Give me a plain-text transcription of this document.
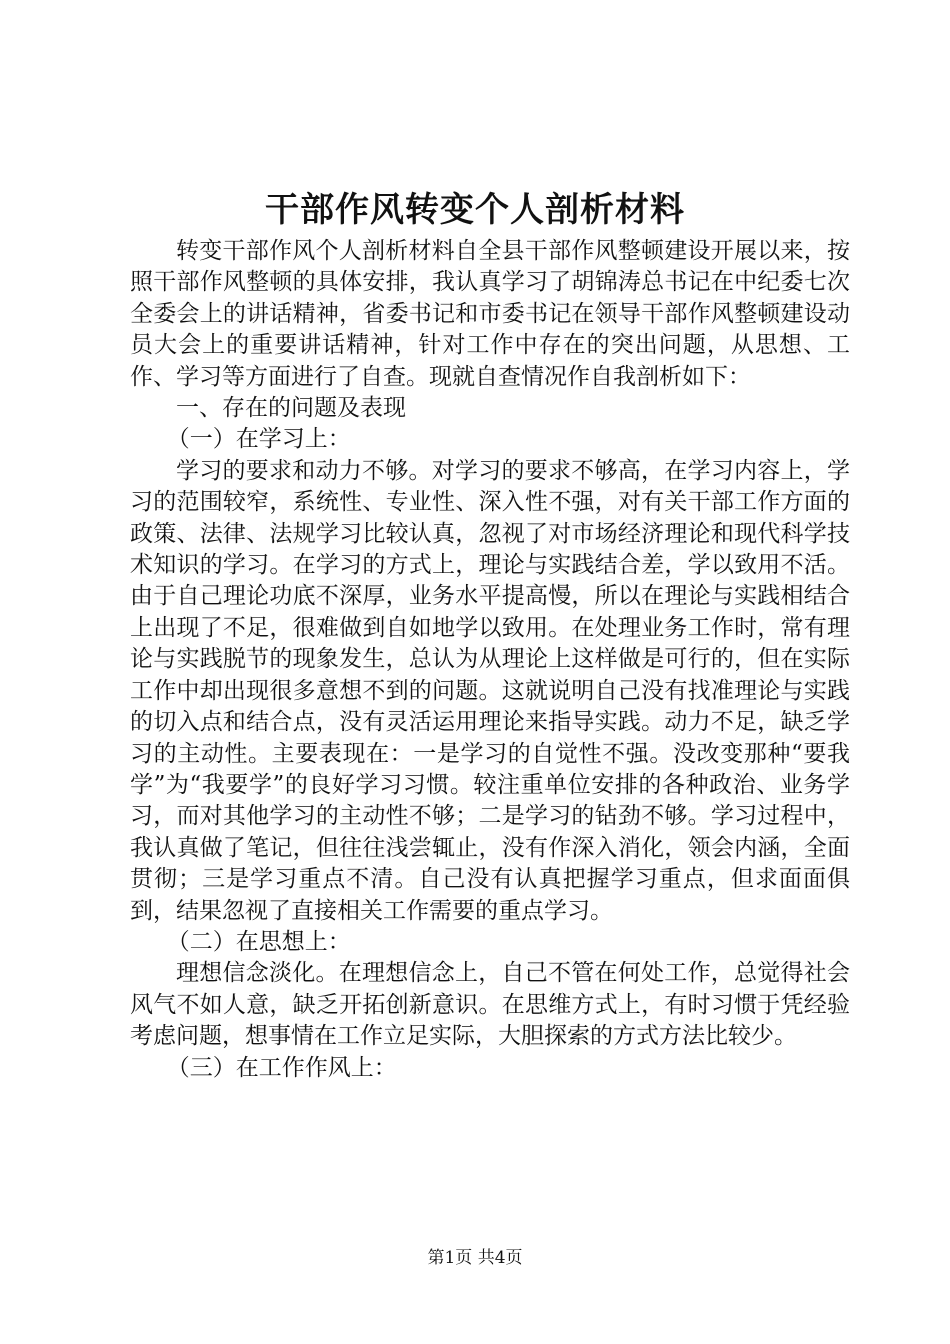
干部作风转变个人剖析材料

转变干部作风个人剖析材料自全县干部作风整顿建设开展以来，按照干部作风整顿的具体安排，我认真学习了胡锦涛总书记在中纪委七次全委会上的讲话精神，省委书记和市委书记在领导干部作风整顿建设动员大会上的重要讲话精神，针对工作中存在的突出问题，从思想、工作、学习等方面进行了自查。现就自查情况作自我剖析如下：

一、存在的问题及表现

（一）在学习上：

学习的要求和动力不够。对学习的要求不够高，在学习内容上，学习的范围较窄，系统性、专业性、深入性不强，对有关干部工作方面的政策、法律、法规学习比较认真，忽视了对市场经济理论和现代科学技术知识的学习。在学习的方式上，理论与实践结合差，学以致用不活。由于自己理论功底不深厚，业务水平提高慢，所以在理论与实践相结合上出现了不足，很难做到自如地学以致用。在处理业务工作时，常有理论与实践脱节的现象发生，总认为从理论上这样做是可行的，但在实际工作中却出现很多意想不到的问题。这就说明自己没有找准理论与实践的切入点和结合点，没有灵活运用理论来指导实践。动力不足，缺乏学习的主动性。主要表现在：一是学习的自觉性不强。没改变那种“要我学”为“我要学”的良好学习习惯。较注重单位安排的各种政治、业务学习，而对其他学习的主动性不够；二是学习的钻劲不够。学习过程中，我认真做了笔记，但往往浅尝辄止，没有作深入消化，领会内涵，全面贯彻；三是学习重点不清。自己没有认真把握学习重点，但求面面俱到，结果忽视了直接相关工作需要的重点学习。

（二）在思想上：

理想信念淡化。在理想信念上，自己不管在何处工作，总觉得社会风气不如人意，缺乏开拓创新意识。在思维方式上，有时习惯于凭经验考虑问题，想事情在工作立足实际，大胆探索的方式方法比较少。

（三）在工作作风上：

第1页 共4页
